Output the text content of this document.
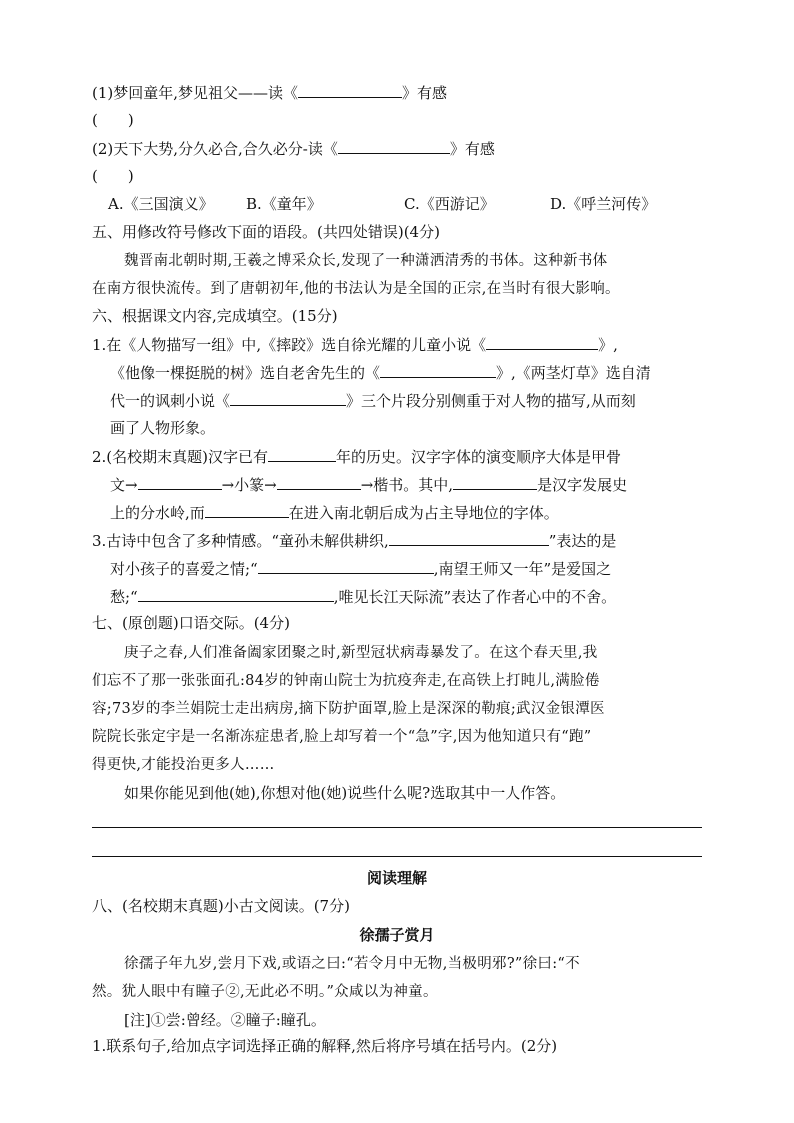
(1)梦回童年,梦见祖父——读《	》有感
(　　)
(2)天下大势,分久必合,合久必分-读《	》有感
(　　)
A.《三国演义》 B.《童年》	C.《西游记》	D.《呼兰河传》
五、用修改符号修改下面的语段。(共四处错误)(4分)
魏晋南北朝时期,王羲之博采众长,发现了一种潇洒清秀的书体。这种新书体
在南方很快流传。到了唐朝初年,他的书法认为是全国的正宗,在当时有很大影响。
六、根据课文内容,完成填空。(15分)
1.在《人物描写一组》中,《摔跤》选自徐光耀的儿童小说《	》,
《他像一棵挺脱的树》选自老舍先生的《	》,《两茎灯草》选自清
代一的讽刺小说《	》三个片段分别侧重于对人物的描写,从而刻
画了人物形象。
2.(名校期末真题)汉字已有	年的历史。汉字字体的演变顺序大体是甲骨
文→	→小篆→	→楷书。其中,	是汉字发展史
上的分水岭,而	在进入南北朝后成为占主导地位的字体。
3.古诗中包含了多种情感。“童孙未解供耕织,	”表达的是
对小孩子的喜爱之情;“	,南望王师又一年”是爱国之
愁;“	,唯见长江天际流”表达了作者心中的不舍。
七、(原创题)口语交际。(4分)
庚子之春,人们准备阖家团聚之时,新型冠状病毒暴发了。在这个春天里,我
们忘不了那一张张面孔:84岁的钟南山院士为抗疫奔走,在高铁上打盹儿,满脸倦
容;73岁的李兰娟院士走出病房,摘下防护面罩,脸上是深深的勒痕;武汉金银潭医
院院长张定宇是一名渐冻症患者,脸上却写着一个“急”字,因为他知道只有“跑”
得更快,才能投治更多人……
如果你能见到他(她),你想对他(她)说些什么呢?选取其中一人作答。
阅读理解
八、(名校期末真题)小古文阅读。(7分)
徐孺子赏月
徐孺子年九岁,尝月下戏,或语之曰:“若令月中无物,当极明邪?”徐曰:“不
然。犹人眼中有瞳子②,无此必不明。”众咸以为神童。
[注]①尝:曾经。②瞳子:瞳孔。
1.联系句子,给加点字词选择正确的解释,然后将序号填在括号内。(2分)
